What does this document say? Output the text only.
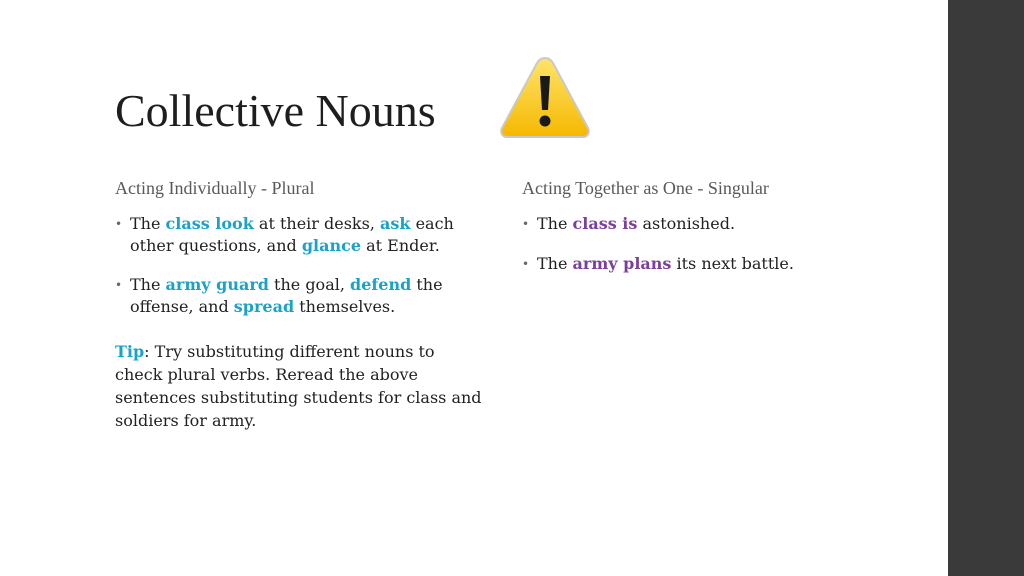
Collective Nouns
Acting Individually - Plural
• The class look at their desks, ask each other questions, and glance at Ender.
• The army guard the goal, defend the offense, and spread themselves.
Tip: Try substituting different nouns to check plural verbs. Reread the above sentences substituting students for class and soldiers for army.
Acting Together as One - Singular
• The class is astonished.
• The army plans its next battle.
